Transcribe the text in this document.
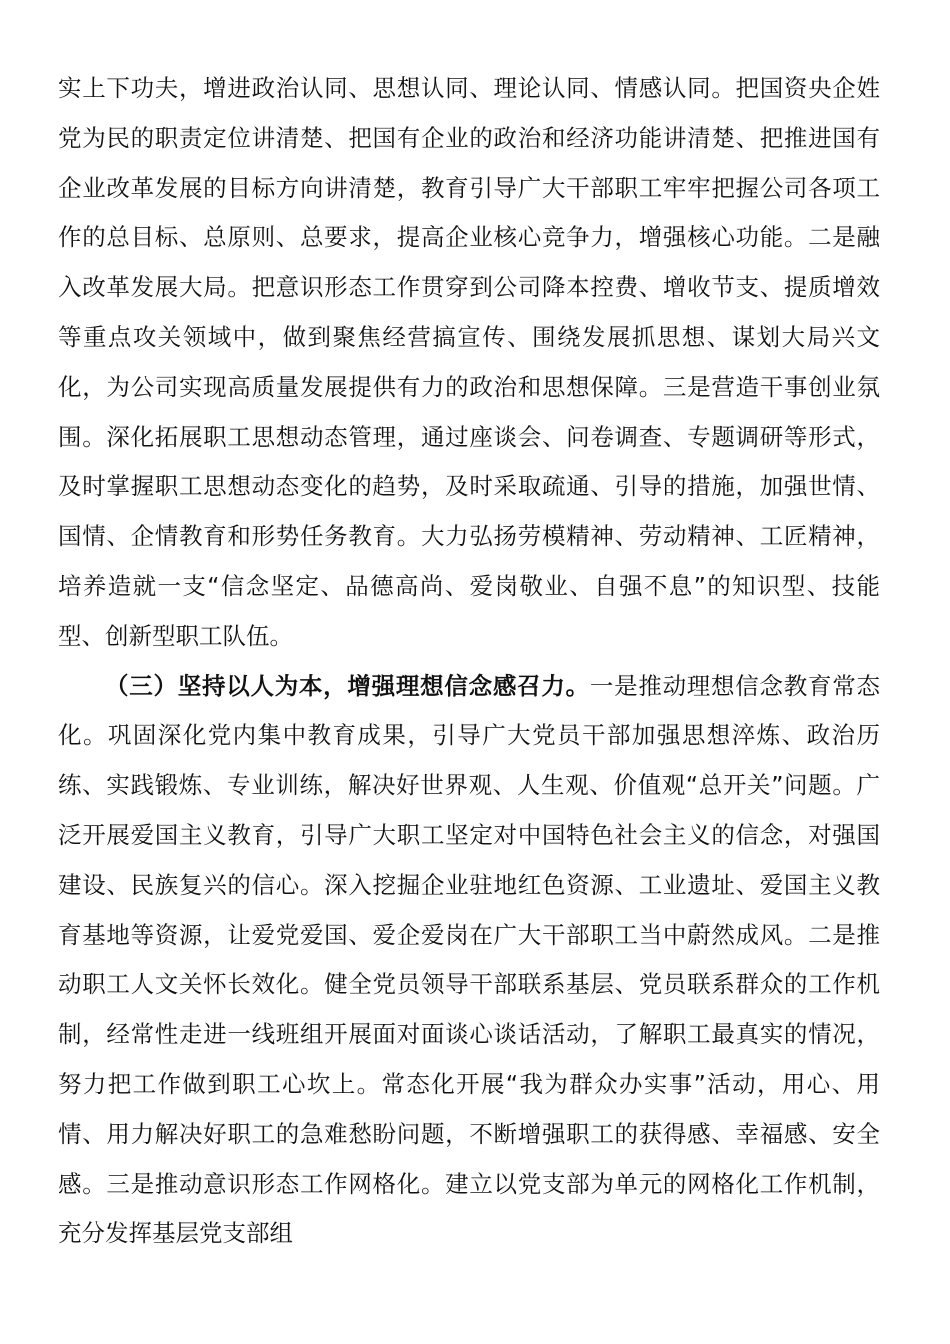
实上下功夫，增进政治认同、思想认同、理论认同、情感认同。把国资央企姓党为民的职责定位讲清楚、把国有企业的政治和经济功能讲清楚、把推进国有企业改革发展的目标方向讲清楚，教育引导广大干部职工牢牢把握公司各项工作的总目标、总原则、总要求，提高企业核心竞争力，增强核心功能。二是融入改革发展大局。把意识形态工作贯穿到公司降本控费、增收节支、提质增效等重点攻关领域中，做到聚焦经营搞宣传、围绕发展抓思想、谋划大局兴文化，为公司实现高质量发展提供有力的政治和思想保障。三是营造干事创业氛围。深化拓展职工思想动态管理，通过座谈会、问卷调查、专题调研等形式，及时掌握职工思想动态变化的趋势，及时采取疏通、引导的措施，加强世情、国情、企情教育和形势任务教育。大力弘扬劳模精神、劳动精神、工匠精神，培养造就一支“信念坚定、品德高尚、爱岗敬业、自强不息”的知识型、技能型、创新型职工队伍。

（三）坚持以人为本，增强理想信念感召力。一是推动理想信念教育常态化。巩固深化党内集中教育成果，引导广大党员干部加强思想淬炼、政治历练、实践锻炼、专业训练，解决好世界观、人生观、价值观“总开关”问题。广泛开展爱国主义教育，引导广大职工坚定对中国特色社会主义的信念，对强国建设、民族复兴的信心。深入挖掘企业驻地红色资源、工业遗址、爱国主义教育基地等资源，让爱党爱国、爱企爱岗在广大干部职工当中蔚然成风。二是推动职工人文关怀长效化。健全党员领导干部联系基层、党员联系群众的工作机制，经常性走进一线班组开展面对面谈心谈话活动，了解职工最真实的情况，努力把工作做到职工心坎上。常态化开展“我为群众办实事”活动，用心、用情、用力解决好职工的急难愁盼问题，不断增强职工的获得感、幸福感、安全感。三是推动意识形态工作网格化。建立以党支部为单元的网格化工作机制，充分发挥基层党支部组
